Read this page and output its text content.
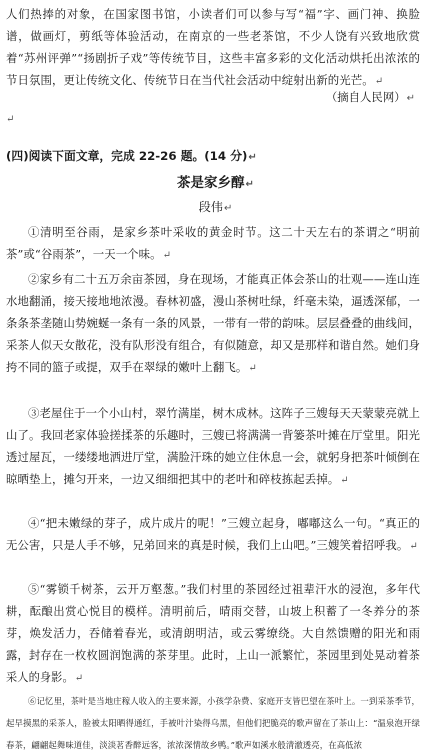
人们热捧的对象，在国家图书馆，小读者们可以参与写“福”字、画门神、换脸谱，做画灯，剪纸等体验活动，在南京的一些老茶馆，不少人饶有兴致地欣赏着“苏州评弹”“扬剧折子戏”等传统节目，这些丰富多彩的文化活动烘托出浓浓的节日氛围，更让传统文化、传统节日在当代社会活动中绽射出新的光芒。↵

（摘自人民网）↵
↵
(四)阅读下面文章，完成 22-26 题。(14 分)↵
茶是家乡醇↵
段伟↵

①清明至谷雨，是家乡茶叶采收的黄金时节。这二十天左右的茶谓之“明前茶”或“谷雨茶”，一天一个味。↵

②家乡有二十五万余亩茶园，身在现场，才能真正体会茶山的壮观——连山连水地翻涌，接天接地地浓漫。春林初盛，漫山茶树吐绿，纤毫未染，逼透深郁，一条条茶垄随山势婉蜒一条有一条的风景，一带有一带的韵味。层层叠叠的曲线间，采茶人似天女散花，没有队形没有组合，有似随意，却又是那样和谐自然。她们身挎不同的篮子或提，双手在翠绿的嫩叶上翻飞。↵

③老屋住于一个小山村，翠竹满崖，树木成林。这阵子三嫂每天天蒙蒙亮就上山了。我回老家体验搓揉茶的乐趣时，三嫂已将满满一背篓茶叶摊在厅堂里。阳光透过屋瓦，一缕缕地洒进厅堂，满脸汗珠的她立住休息一会，就躬身把茶叶倾倒在晾晒垫上，摊匀开来，一边又细细把其中的老叶和碎枝拣起丢掉。↵

④“把未嫩绿的芽子，成片成片的呢！”三嫂立起身，嘟嘟这么一句。“真正的无公害，只是人手不够，兄弟回来的真是时候，我们上山吧。”三嫂笑着招呼我。↵

⑤“雾锁千树茶，云开万壑葱。”我们村里的茶园经过祖辈汗水的浸泡，多年代耕，酝酿出赏心悦目的模样。清明前后，晴雨交替，山坡上积蓄了一冬养分的茶芽，焕发活力，吞储着春光，或清朗明洁，或云雾缭绕。大自然馈赠的阳光和雨露，封存在一枚枚圆润饱满的茶芽里。此时，上山一派繁忙，茶园里到处晃动着茶采人的身影。↵

⑥记忆里，茶叶是当地庄稼人收入的主要来源，小孩学杂费、家庭开支皆巴望在茶叶上。一到采茶季节，起早摸黑的采茶人，脸被太阳晒得通红，手被叶汁染得乌黑，但他们把脆亮的歌声留在了茶山上：“温泉泡开绿春茶，翩翩起舞味道佳，淡淡茗香醉远客，浓浓深情故乡鸭。”歌声如溪水般清澈透亮，在高低浓
